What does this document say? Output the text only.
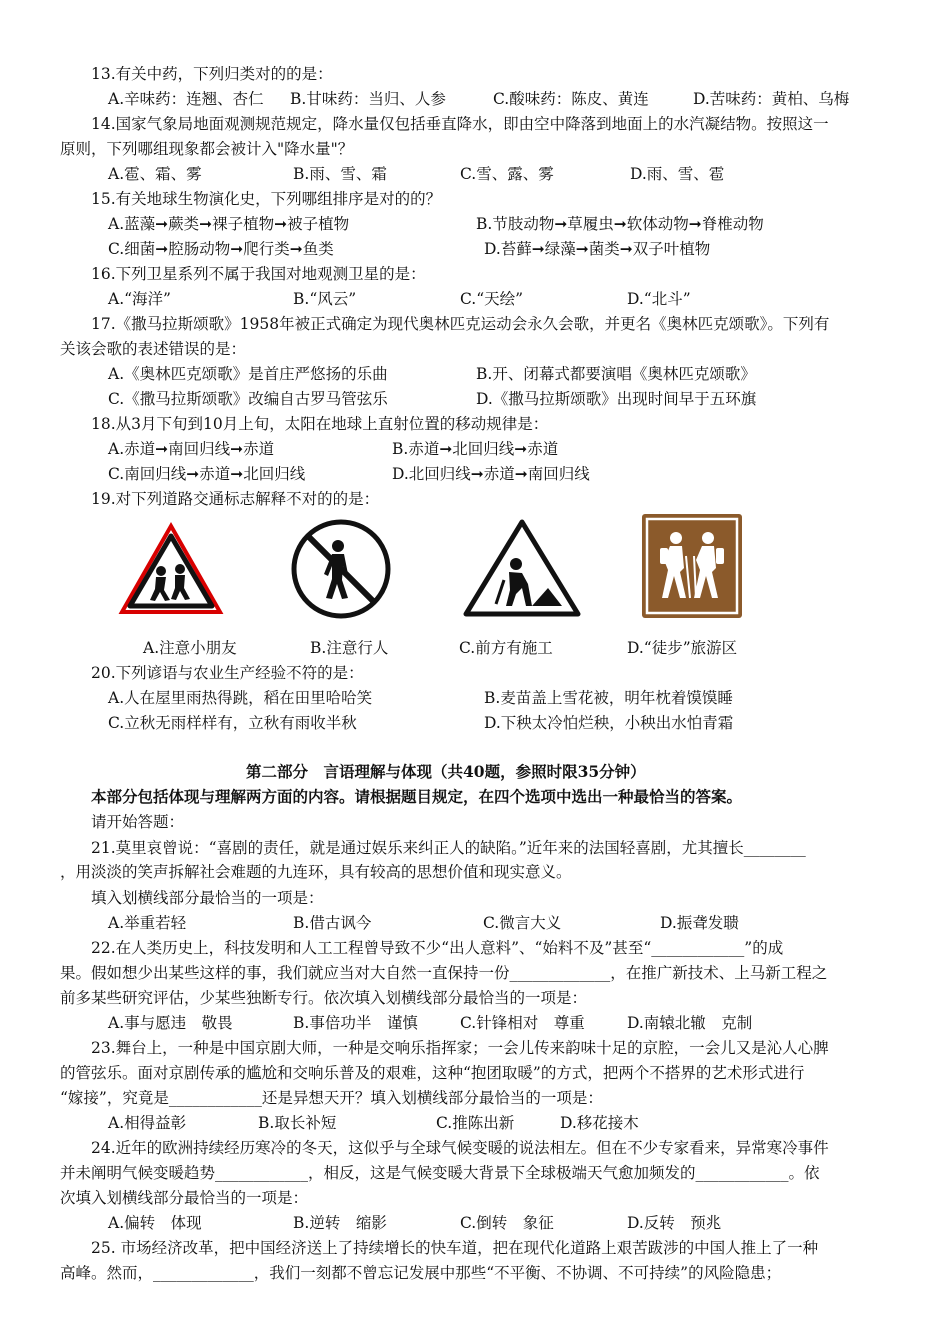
13.有关中药，下列归类对的的是：
A.辛味药：连翘、杏仁 B.甘味药：当归、人参	C.酸味药：陈皮、黄连	D.苦味药：黄柏、乌梅
14.国家气象局地面观测规范规定，降水量仅包括垂直降水，即由空中降落到地面上的水汽凝结物。按照这一
原则，下列哪组现象都会被计入"降水量"？
A.雹、霜、雾	B.雨、雪、霜	C.雪、露、雾	D.雨、雪、雹
15.有关地球生物演化史，下列哪组排序是对的的？
A.蓝藻➞蕨类➞裸子植物➞被子植物	B.节肢动物➞草履虫➞软体动物➞脊椎动物
C.细菌➞腔肠动物➞爬行类➞鱼类	D.苔藓➞绿藻➞菌类➞双子叶植物
16.下列卫星系列不属于我国对地观测卫星的是：
A.“海洋”	B.“风云”	C.“天绘”	D.“北斗”
17.《撒马拉斯颂歌》1958年被正式确定为现代奥林匹克运动会永久会歌，并更名《奥林匹克颂歌》。下列有
关该会歌的表述错误的是：
A.《奥林匹克颂歌》是首庄严悠扬的乐曲	B.开、闭幕式都要演唱《奥林匹克颂歌》
C.《撒马拉斯颂歌》改编自古罗马管弦乐	D.《撒马拉斯颂歌》出现时间早于五环旗
18.从3月下旬到10月上旬，太阳在地球上直射位置的移动规律是：
A.赤道➞南回归线➞赤道	B.赤道➞北回归线➞赤道
C.南回归线➞赤道➞北回归线	D.北回归线➞赤道➞南回归线
19.对下列道路交通标志解释不对的的是：
A.注意小朋友	B.注意行人	C.前方有施工	D.“徒步”旅游区
20.下列谚语与农业生产经验不符的是：
A.人在屋里雨热得跳，稻在田里哈哈笑	B.麦苗盖上雪花被，明年枕着馍馍睡
C.立秋无雨样样有，立秋有雨收半秋	D.下秧太冷怕烂秧，小秧出水怕青霜
第二部分　言语理解与体现（共40题，参照时限35分钟）
本部分包括体现与理解两方面的内容。请根据题目规定，在四个选项中选出一种最恰当的答案。
请开始答题：
21.莫里哀曾说：“喜剧的责任，就是通过娱乐来纠正人的缺陷。”近年来的法国轻喜剧，尤其擅长________
，用淡淡的笑声拆解社会难题的九连环，具有较高的思想价值和现实意义。
填入划横线部分最恰当的一项是：
A.举重若轻	B.借古讽今	C.微言大义	D.振聋发聩
22.在人类历史上，科技发明和人工工程曾导致不少“出人意料”、“始料不及”甚至“____________”的成
果。假如想少出某些这样的事，我们就应当对大自然一直保持一份_____________，在推广新技术、上马新工程之
前多某些研究评估，少某些独断专行。依次填入划横线部分最恰当的一项是：
A.事与愿违　敬畏	B.事倍功半　谨慎	C.针锋相对　尊重	D.南辕北辙　克制
23.舞台上，一种是中国京剧大师，一种是交响乐指挥家；一会儿传来韵味十足的京腔，一会儿又是沁人心脾
的管弦乐。面对京剧传承的尴尬和交响乐普及的艰难，这种“抱团取暖”的方式，把两个不搭界的艺术形式进行
“嫁接”，究竟是____________还是异想天开？填入划横线部分最恰当的一项是：
A.相得益彰	B.取长补短	C.推陈出新	D.移花接木
24.近年的欧洲持续经历寒冷的冬天，这似乎与全球气候变暖的说法相左。但在不少专家看来，异常寒冷事件
并未阐明气候变暖趋势____________，相反，这是气候变暖大背景下全球极端天气愈加频发的____________。依
次填入划横线部分最恰当的一项是：
A.偏转　体现	B.逆转　缩影	C.倒转　象征	D.反转　预兆
25. 市场经济改革，把中国经济送上了持续增长的快车道，把在现代化道路上艰苦跋涉的中国人推上了一种
高峰。然而，_____________，我们一刻都不曾忘记发展中那些“不平衡、不协调、不可持续”的风险隐患；
